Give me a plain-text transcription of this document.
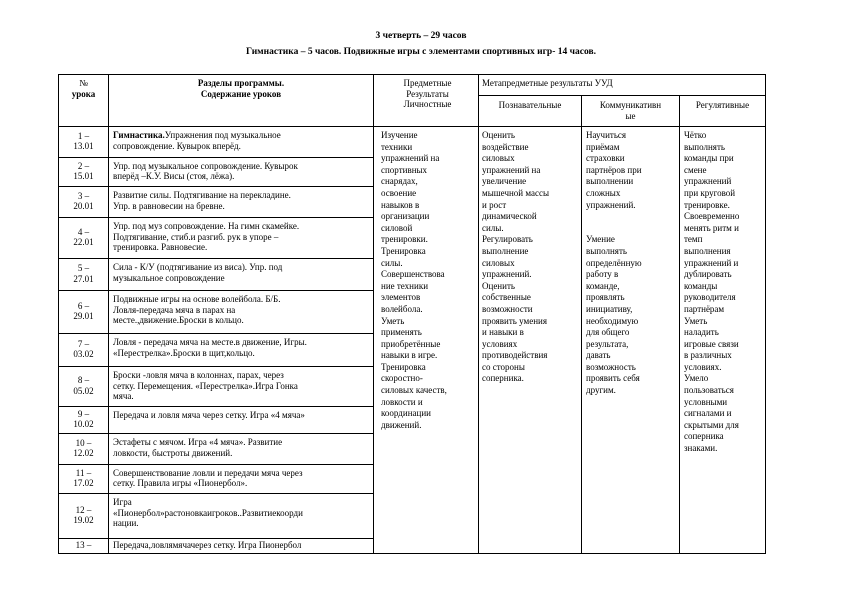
3 четверть – 29 часов
Гимнастика – 5 часов. Подвижные игры с элементами спортивных игр- 14 часов.
№
урока
Разделы программы.
Содержание уроков
Предметные
Результаты
Личностные
Метапредметные результаты УУД
Коммуникативн
ые
Познавательные	Регулятивные
1 –
13.01
Гимнастика.Упражнения под музыкальное
сопровождение. Кувырок вперёд.
2 –
15.01
Упр. под музыкальное сопровождение. Кувырок
вперёд –К.У. Висы (стоя, лёжа).
3 –
20.01
Развитие силы. Подтягивание на перекладине.
Упр. в равновесии на бревне.
4 –
22.01
Упр. под муз сопровождение. На гимн скамейке.
Подтягивание, стиб.и разгиб. рук в упоре –
тренировка. Равновесие.
5 –
27.01
Сила - К/У (подтягивание из виса). Упр. под
музыкальное сопровождение
6 –
29.01
Подвижные игры на основе волейбола. Б/Б.
Ловля-передача мяча в парах на
месте.,движение.Броски в кольцо.
7 –
03.02
Ловля - передача мяча на месте.в движение, Игры.
«Перестрелка».Броски в щит,кольцо.
8 –
05.02
Броски -ловля мяча в колоннах, парах, через
сетку. Перемещения. «Перестрелка».Игра Гонка
мяча.
9 –
10.02
Передача и ловля мяча через сетку. Игра «4 мяча»
10 –
12.02
Эстафеты с мячом. Игра «4 мяча». Развитие
ловкости, быстроты движений.
11 –
17.02
Совершенствование ловли и передачи мяча через
сетку. Правила игры «Пионербол».
12 –
19.02
Игра
«Пионербол»растоновкаигроков..Развитиекоорди
нации.
13 –	Передача,ловлямячачерез сетку. Игра Пионербол
Изучение
техники
упражнений на
спортивных
снарядах,
освоение
навыков в
организации
силовой
тренировки.
Тренировка
силы.
Совершенствова
ние техники
элементов
волейбола.
Уметь
применять
приобретённые
навыки в игре.
Тренировка
скоростно-
силовых качеств,
ловкости и
координации
движений.
Оценить
воздействие
силовых
упражнений на
увеличение
мышечной массы
и рост
динамической
силы.
Регулировать
выполнение
силовых
упражнений.
Оценить
собственные
возможности
проявить умения
и навыки в
условиях
противодействия
со стороны
соперника.
Научиться
приёмам
страховки
партнёров при
выполнении
сложных
упражнений.

Умение
выполнять
определённую
работу в
команде,
проявлять
инициативу,
необходимую
для общего
результата,
давать
возможность
проявить себя
другим.
Чётко
выполнять
команды при
смене
упражнений
при круговой
тренировке.
Своевременно
менять ритм и
темп
выполнения
упражнений и
дублировать
команды
руководителя
партнёрам
Уметь
наладить
игровые связи
в различных
условиях.
Умело
пользоваться
условными
сигналами и
скрытыми для
соперника
знаками.
